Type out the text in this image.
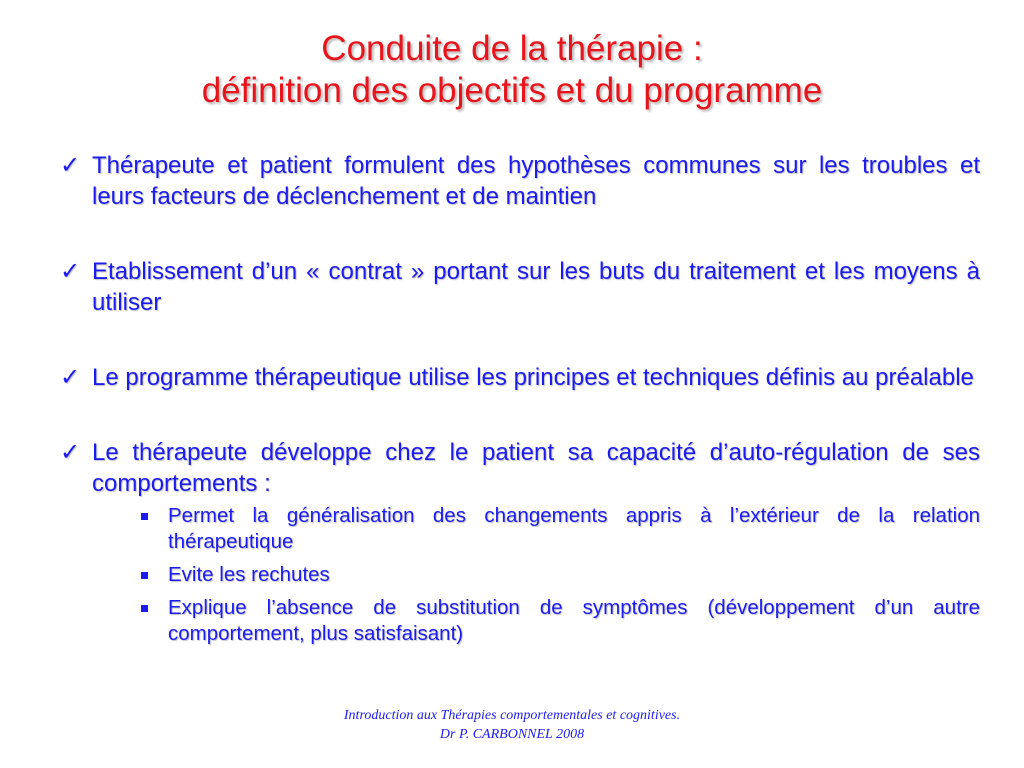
Conduite de la thérapie :
définition des objectifs et du programme
✓ Thérapeute et patient formulent des hypothèses communes sur les troubles et leurs facteurs de déclenchement et de maintien
✓ Etablissement d’un « contrat » portant sur les buts du traitement et les moyens à utiliser
✓ Le programme thérapeutique utilise les principes et techniques définis au préalable
✓ Le thérapeute développe chez le patient sa capacité d’auto-régulation de ses comportements :
Permet la généralisation des changements appris à l’extérieur de la relation thérapeutique
Evite les rechutes
Explique l’absence de substitution de symptômes (développement d’un autre comportement, plus satisfaisant)
Introduction aux Thérapies comportementales et cognitives.
Dr P. CARBONNEL 2008
